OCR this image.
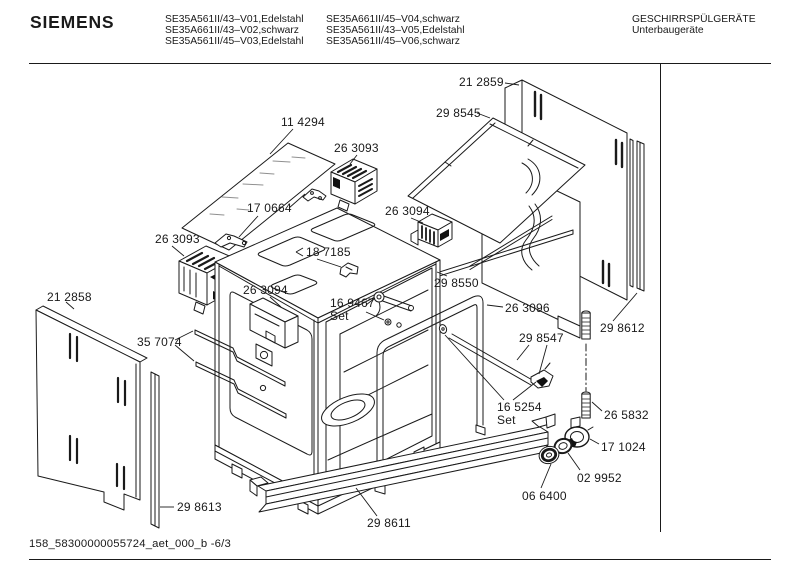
SIEMENS	SE35A561II/43–V01,Edelstahl
SE35A661II/43–V02,schwarz
SE35A561II/45–V03,Edelstahl
SE35A661II/45–V04,schwarz
SE35A561II/43–V05,Edelstahl
SE35A561II/45–V06,schwarz
GESCHIRRSPÜLGERÄTE
Unterbaugeräte
21 2859
29 8545
11 4294
26 3093
17 0664	26 3094
26 3093
18 7185
26 3094	29 8550
16 9467
Set
26 3096
21 2858
29 8612
29 8547
35 7074
16 5254
Set	26 5832
17 1024
02 9952
06 6400
29 8613
29 8611
158_58300000055724_aet_000_b -6/3
